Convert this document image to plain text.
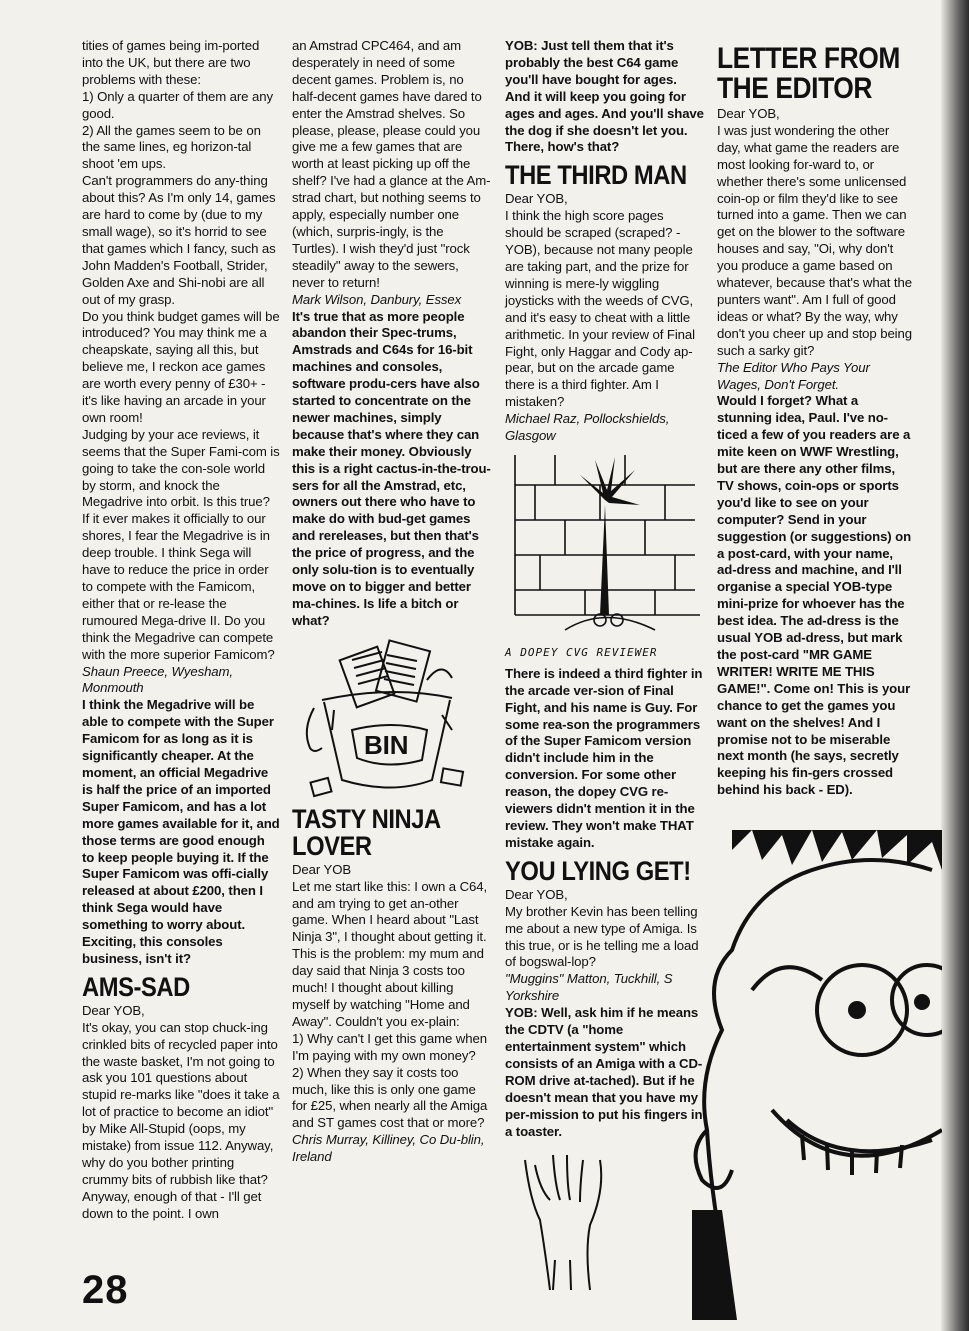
tities of games being im-ported into the UK, but there are two problems with these:

1) Only a quarter of them are any good.

2) All the games seem to be on the same lines, eg horizon-tal shoot 'em ups.

Can't programmers do any-thing about this? As I'm only 14, games are hard to come by (due to my small wage), so it's horrid to see that games which I fancy, such as John Madden's Football, Strider, Golden Axe and Shi-nobi are all out of my grasp.

Do you think budget games will be introduced? You may think me a cheapskate, saying all this, but believe me, I reckon ace games are worth every penny of £30+ - it's like having an arcade in your own room!

Judging by your ace reviews, it seems that the Super Fami-com is going to take the con-sole world by storm, and knock the Megadrive into orbit. Is this true? If it ever makes it officially to our shores, I fear the Megadrive is in deep trouble. I think Sega will have to reduce the price in order to compete with the Famicom, either that or re-lease the rumoured Mega-drive II. Do you think the Megadrive can compete with the more superior Famicom?

Shaun Preece, Wyesham, Monmouth

I think the Megadrive will be able to compete with the Super Famicom for as long as it is significantly cheaper. At the moment, an official Megadrive is half the price of an imported Super Famicom, and has a lot more games available for it, and those terms are good enough to keep people buying it. If the Super Famicom was offi-cially released at about £200, then I think Sega would have something to worry about. Exciting, this consoles business, isn't it?

AMS-SAD

Dear YOB,

It's okay, you can stop chuck-ing crinkled bits of recycled paper into the waste basket, I'm not going to ask you 101 questions about stupid re-marks like "does it take a lot of practice to become an idiot" by Mike All-Stupid (oops, my mistake) from issue 112. Anyway, why do you bother printing crummy bits of rubbish like that?

Anyway, enough of that - I'll get down to the point. I own

an Amstrad CPC464, and am desperately in need of some decent games. Problem is, no half-decent games have dared to enter the Amstrad shelves. So please, please, please could you give me a few games that are worth at least picking up off the shelf? I've had a glance at the Am-strad chart, but nothing seems to apply, especially number one (which, surpris-ingly, is the Turtles). I wish they'd just "rock steadily" away to the sewers, never to return!

Mark Wilson, Danbury, Essex

It's true that as more people abandon their Spec-trums, Amstrads and C64s for 16-bit machines and consoles, software produ-cers have also started to concentrate on the newer machines, simply because that's where they can make their money. Obviously this is a right cactus-in-the-trou-sers for all the Amstrad, etc, owners out there who have to make do with bud-get games and rereleases, but then that's the price of progress, and the only solu-tion is to eventually move on to bigger and better ma-chines. Is life a bitch or what?

BIN
TASTY NINJA LOVER

Dear YOB

Let me start like this: I own a C64, and am trying to get an-other game. When I heard about "Last Ninja 3", I thought about getting it. This is the problem: my mum and day said that Ninja 3 costs too much! I thought about killing myself by watching "Home and Away". Couldn't you ex-plain:

1) Why can't I get this game when I'm paying with my own money?

2) When they say it costs too much, like this is only one game for £25, when nearly all the Amiga and ST games cost that or more?

Chris Murray, Killiney, Co Du-blin, Ireland

YOB: Just tell them that it's probably the best C64 game you'll have bought for ages. And it will keep you going for ages and ages. And you'll shave the dog if she doesn't let you. There, how's that?

THE THIRD MAN

Dear YOB,

I think the high score pages should be scraped (scraped? - YOB), because not many people are taking part, and the prize for winning is mere-ly wiggling joysticks with the weeds of CVG, and it's easy to cheat with a little arithmetic. In your review of Final Fight, only Haggar and Cody ap-pear, but on the arcade game there is a third fighter. Am I mistaken?

Michael Raz, Pollockshields, Glasgow

A DOPEY CVG REVIEWER

There is indeed a third fighter in the arcade ver-sion of Final Fight, and his name is Guy. For some rea-son the programmers of the Super Famicom version didn't include him in the conversion. For some other reason, the dopey CVG re-viewers didn't mention it in the review. They won't make THAT mistake again.

YOU LYING GET!

Dear YOB,

My brother Kevin has been telling me about a new type of Amiga. Is this true, or is he telling me a load of bogswal-lop?

"Muggins" Matton, Tuckhill, S Yorkshire

YOB: Well, ask him if he means the CDTV (a "home entertainment system" which consists of an Amiga with a CD-ROM drive at-tached). But if he doesn't mean that you have my per-mission to put his fingers in a toaster.

LETTER FROM THE EDITOR

Dear YOB,

I was just wondering the other day, what game the readers are most looking for-ward to, or whether there's some unlicensed coin-op or film they'd like to see turned into a game. Then we can get on the blower to the software houses and say, "Oi, why don't you produce a game based on whatever, because that's what the punters want". Am I full of good ideas or what? By the way, why don't you cheer up and stop being such a sarky git?

The Editor Who Pays Your Wages, Don't Forget.

Would I forget? What a stunning idea, Paul. I've no-ticed a few of you readers are a mite keen on WWF Wrestling, but are there any other films, TV shows, coin-ops or sports you'd like to see on your computer? Send in your suggestion (or suggestions) on a post-card, with your name, ad-dress and machine, and I'll organise a special YOB-type mini-prize for whoever has the best idea. The ad-dress is the usual YOB ad-dress, but mark the post-card "MR GAME WRITER! WRITE ME THIS GAME!". Come on! This is your chance to get the games you want on the shelves! And I promise not to be miserable next month (he says, secretly keeping his fin-gers crossed behind his back - ED).

28
